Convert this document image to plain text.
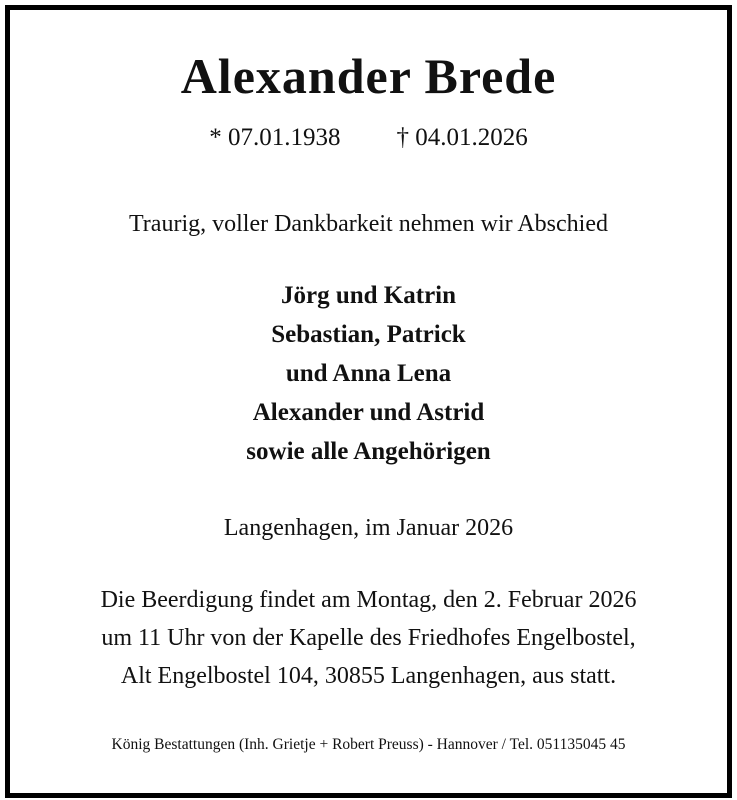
Alexander Brede
* 07.01.1938 † 04.01.2026

Traurig, voller Dankbarkeit nehmen wir Abschied

Jörg und Katrin
Sebastian, Patrick
und Anna Lena
Alexander und Astrid
sowie alle Angehörigen

Langenhagen, im Januar 2026

Die Beerdigung findet am Montag, den 2. Februar 2026
um 11 Uhr von der Kapelle des Friedhofes Engelbostel,
Alt Engelbostel 104, 30855 Langenhagen, aus statt.

König Bestattungen (Inh. Grietje + Robert Preuss) - Hannover / Tel. 051135045 45
